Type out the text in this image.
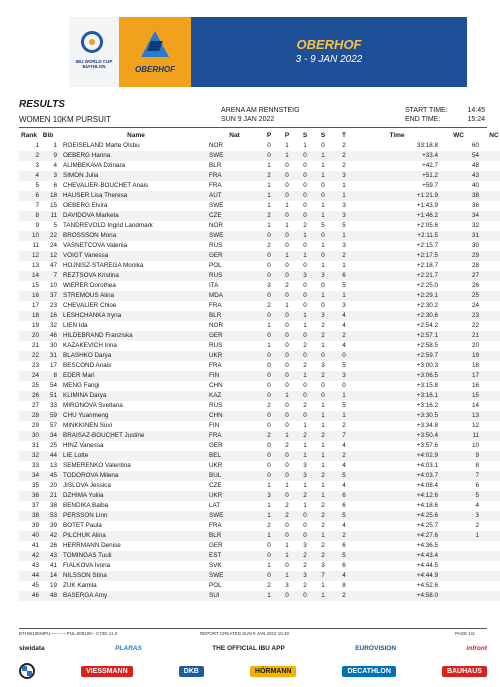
IBU WORLD CUP BIATHLON	OBERHOF
OBERHOF
3 - 9 JAN 2022
RESULTS
WOMEN 10KM PURSUIT
ARENA AM RENNSTEIG
SUN 9 JAN 2022
START TIME:	14:45
END TIME:	15:24
Rank	Bib	Name	Nat	P	P	S	S	T	Time	WC	NC
1	1	ROEISELAND Marte Olsbu	NOR	0	1	1	0	2	33:18.8	60	
2	9	OEBERG Hanna	SWE	0	1	0	1	2	+33.4	54	
3	4	ALIMBEKAVA Dzinara	BLR	1	0	0	1	2	+42.7	48	
4	3	SIMON Julia	FRA	2	0	0	1	3	+51.2	43	
5	6	CHEVALIER-BOUCHET Anais	FRA	1	0	0	0	1	+59.7	40	
6	18	HAUSER Lisa Theresa	AUT	1	0	0	0	1	+1:21.9	38	
7	15	OEBERG Elvira	SWE	1	1	0	1	3	+1:43.9	36	
8	11	DAVIDOVA Marketa	CZE	2	0	0	1	3	+1:46.2	34	
9	5	TANDREVOLD Ingrid Landmark	NOR	1	1	2	5	5	+2:05.6	32	
10	22	BROSSSON Mona	SWE	0	0	1	0	1	+2:11.5	31	
11	24	VASNETCOVA Valeriia	RUS	2	0	0	1	3	+2:15.7	30	
12	12	VOIGT Vanessa	GER	0	1	1	0	2	+2:17.5	29	
13	47	HOJNISZ-STAREGA Monika	POL	0	0	0	1	1	+2:18.7	28	
14	7	REZTSOVA Kristina	RUS	0	0	3	3	6	+2:21.7	27	
15	10	WIERER Dorothea	ITA	3	2	0	0	5	+2:25.0	26	
16	37	STREMOUS Alina	MDA	0	0	0	1	1	+2:29.1	25	
17	23	CHEVALIER Chloe	FRA	2	1	0	0	3	+2:30.2	24	
18	16	LESHCHANKA Iryna	BLR	0	0	1	3	4	+2:30.6	23	
19	32	LIEN Ida	NOR	1	0	1	2	4	+2:54.2	22	
20	46	HILDEBRAND Franziska	GER	0	0	0	2	2	+2:57.1	21	
21	30	KAZAKEVICH Irina	RUS	1	0	2	1	4	+2:58.5	20	
22	31	BLASHKO Darya	UKR	0	0	0	0	0	+2:59.7	19	
23	17	BESCOND Anais	FRA	0	0	2	3	5	+3:00.3	18	
24	8	EDER Mari	FIN	0	0	1	2	3	+3:06.5	17	
25	54	MENG Fangi	CHN	0	0	0	0	0	+3:15.8	16	
26	51	KLIMINA Darya	KAZ	0	1	0	0	1	+3:16.1	15	
27	33	MIRONOVA Svetlana	RUS	2	0	2	1	5	+3:16.2	14	
28	59	CHU Yuanmeng	CHN	0	0	0	1	1	+3:30.5	13	
29	57	MINKKINEN Suvi	FIN	0	0	1	1	2	+3:34.8	12	
30	34	BRAISAZ-BOUCHET Justine	FRA	2	1	2	2	7	+3:50.4	11	
31	25	HINZ Vanessa	GER	0	2	1	1	4	+3:57.6	10	
32	44	LIE Lotte	BEL	0	0	1	1	2	+4:02.9	9	
33	13	SEMERENKO Valentina	UKR	0	0	3	1	4	+4:03.1	8	
34	45	TODOROVA Milena	BUL	0	0	3	2	5	+4:03.7	7	
35	20	JISLOVA Jessica	CZE	1	1	1	1	4	+4:08.4	6	
36	21	DZHIMA Yuliia	UKR	3	0	2	1	6	+4:12.6	5	
37	38	BENDIKA Baiba	LAT	1	2	1	2	6	+4:18.6	4	
38	53	PERSSON Linn	SWE	1	2	0	2	5	+4:25.6	3	
39	39	BOTET Paula	FRA	2	0	0	2	4	+4:25.7	2	
40	42	PILCHUK Alina	BLR	1	0	0	1	2	+4:27.6	1	
41	26	HERRMANN Denise	GER	0	1	3	2	6	+4:36.5		
42	43	TOMINGAS Tuuli	EST	0	1	2	2	5	+4:43.4		
43	41	FIALKOVA Ivona	SVK	1	0	2	3	6	+4:44.5		
44	14	NILSSON Stina	SWE	0	1	3	7	4	+4:44.9		
45	19	ZUK Kamila	POL	2	3	2	1	8	+4:52.6		
46	48	BASERGA Amy	SUI	1	0	0	1	2	+4:58.0		
BTHW10KMPU-----------FNL-000100-- C73D v1.0	REPORT CREATED SUN 9 JAN 2022 15:40	PAGE 1/2
siwidata	PLARAS	THE OFFICIAL IBU APP	EUROVISION	infront
VIESSMANN	DKB	HÖRMANN	DECATHLON	BAUHAUS
